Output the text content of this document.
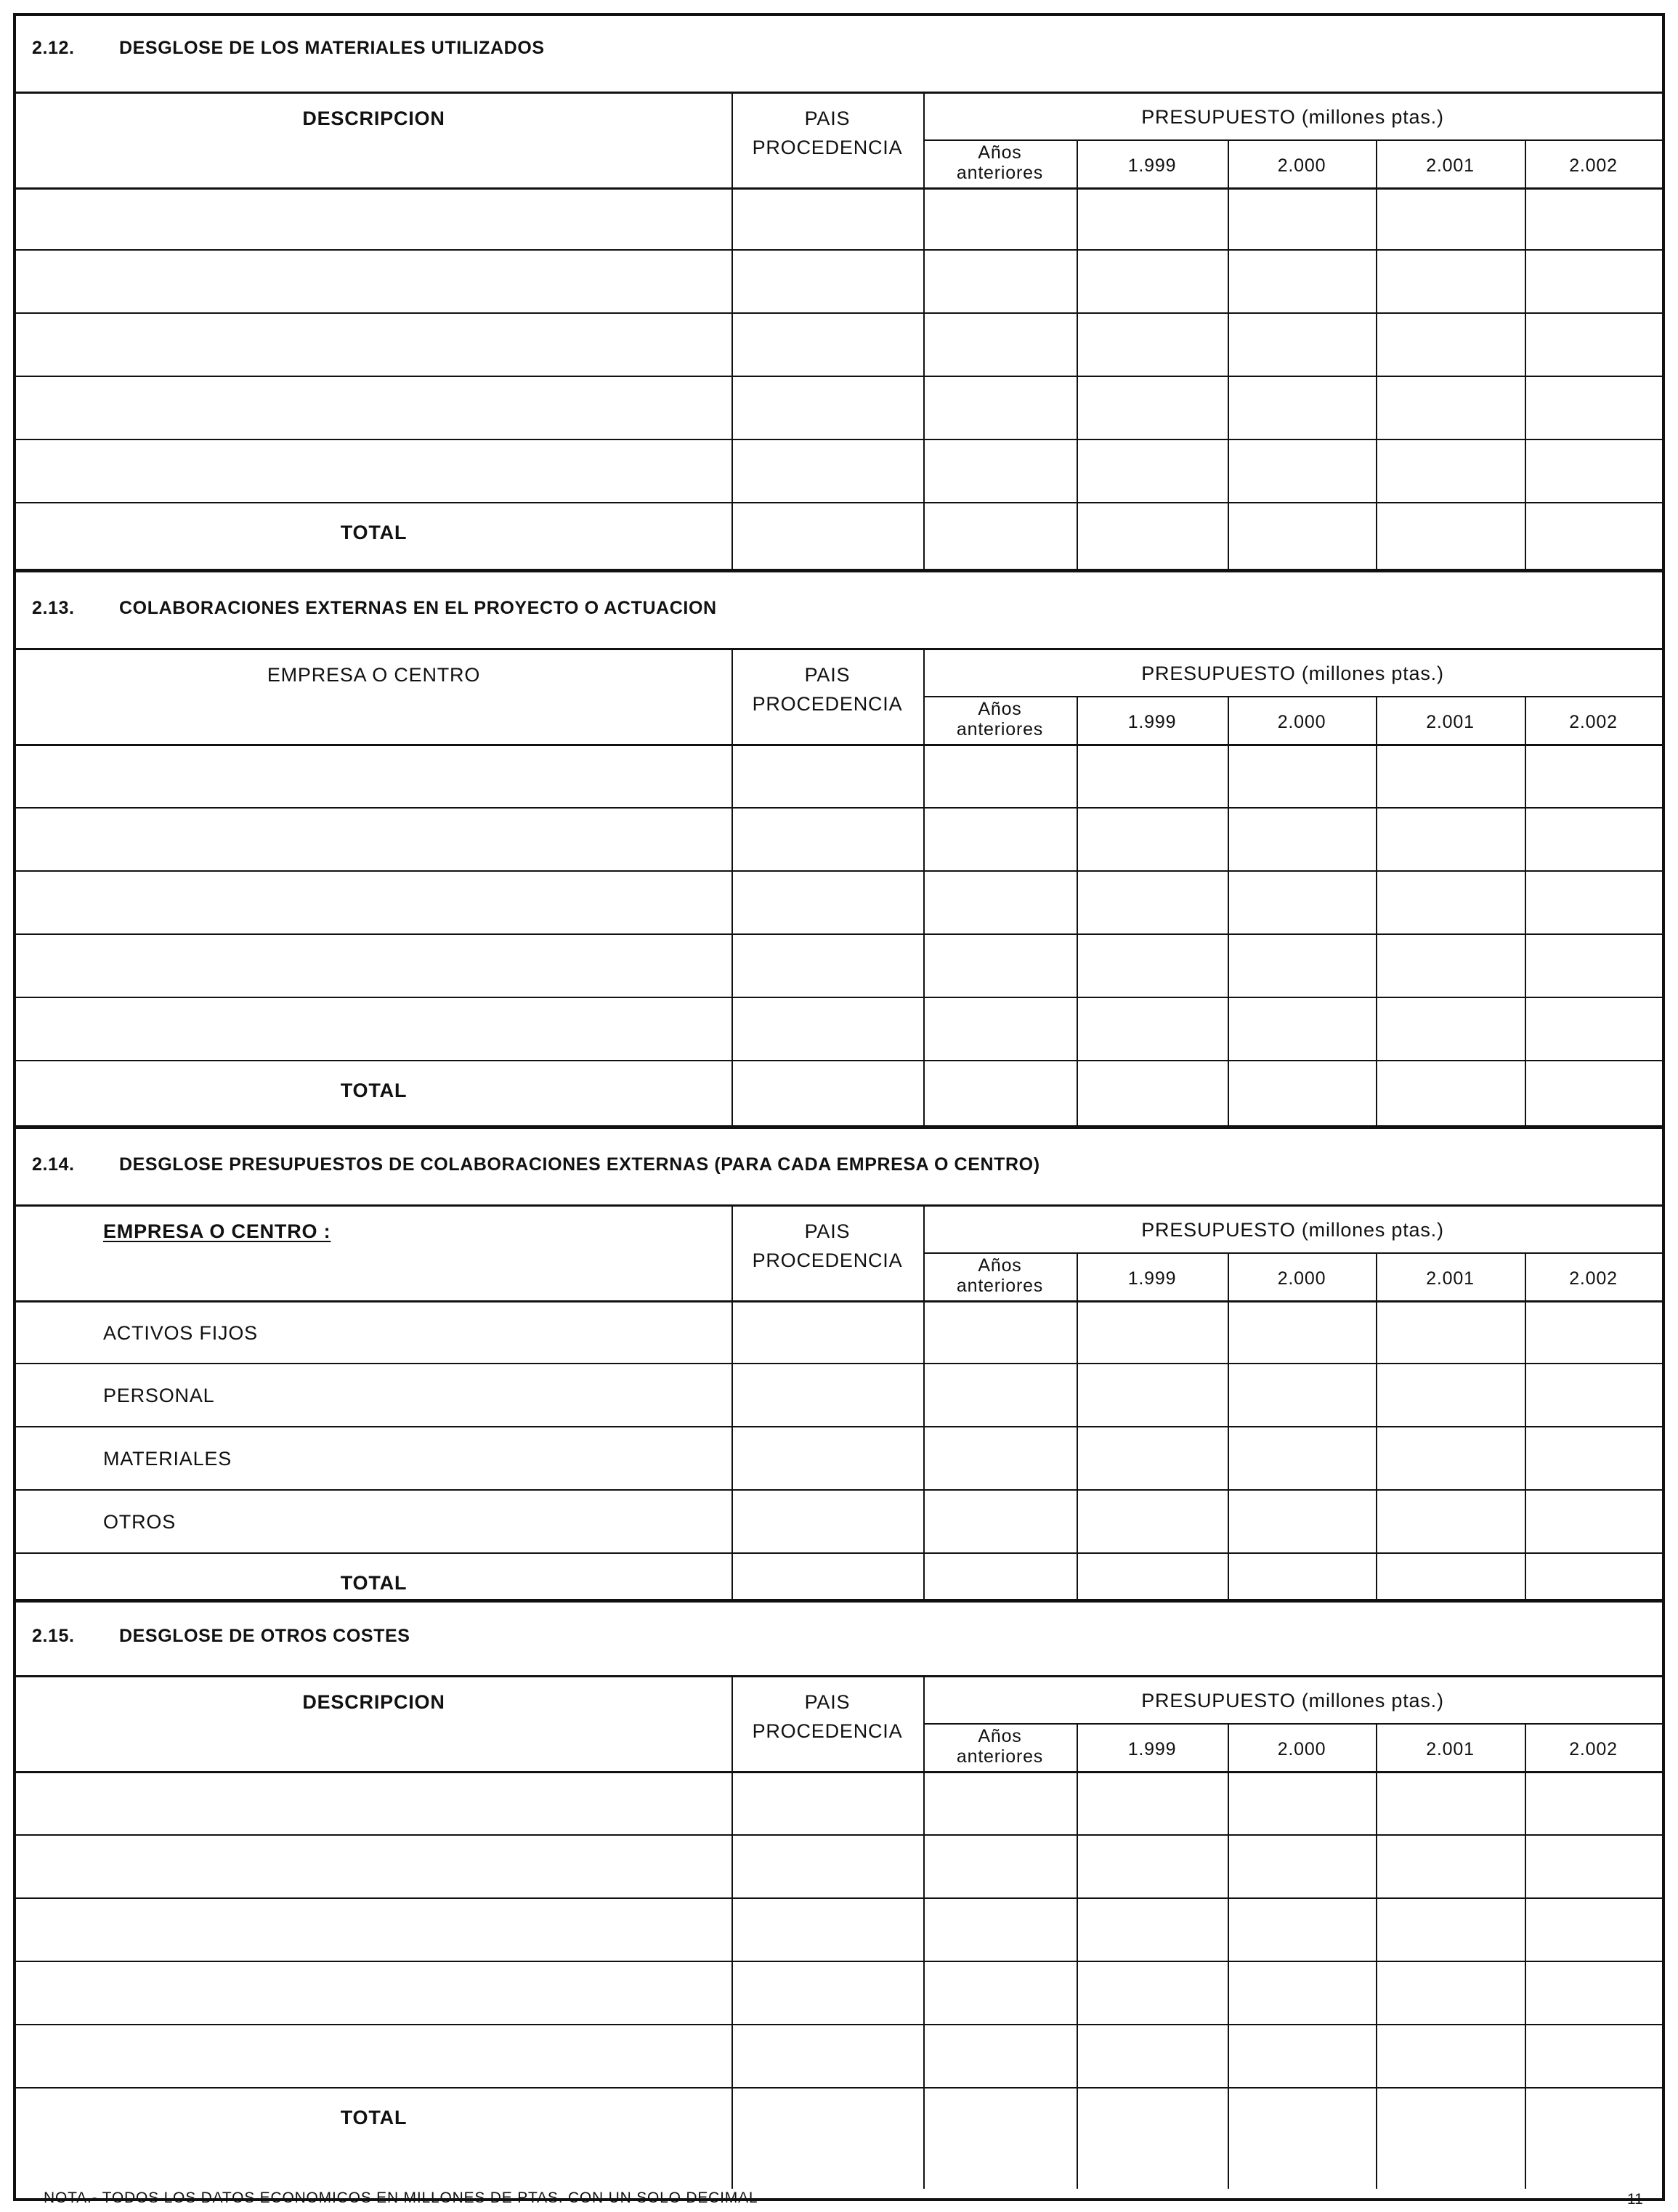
2.12. DESGLOSE DE LOS MATERIALES UTILIZADOS
DESCRIPCION	PAIS
PROCEDENCIA
PRESUPUESTO (millones ptas.)
Años
anteriores	1.999	2.000	2.001	2.002
TOTAL
2.13. COLABORACIONES EXTERNAS EN EL PROYECTO O ACTUACION
EMPRESA O CENTRO	PAIS
PROCEDENCIA
PRESUPUESTO (millones ptas.)
Años
anteriores	1.999	2.000	2.001	2.002
TOTAL
2.14. DESGLOSE PRESUPUESTOS DE COLABORACIONES EXTERNAS (PARA CADA EMPRESA O CENTRO)
EMPRESA O CENTRO :	PAIS
PROCEDENCIA
PRESUPUESTO (millones ptas.)
Años
anteriores	1.999	2.000	2.001	2.002
ACTIVOS FIJOS
PERSONAL
MATERIALES
OTROS
TOTAL
2.15. DESGLOSE DE OTROS COSTES
DESCRIPCION	PAIS
PROCEDENCIA
PRESUPUESTO (millones ptas.)
Años
anteriores	1.999	2.000	2.001	2.002
TOTAL
NOTA.- TODOS LOS DATOS ECONOMICOS EN MILLONES DE PTAS. CON UN SOLO DECIMAL	11
